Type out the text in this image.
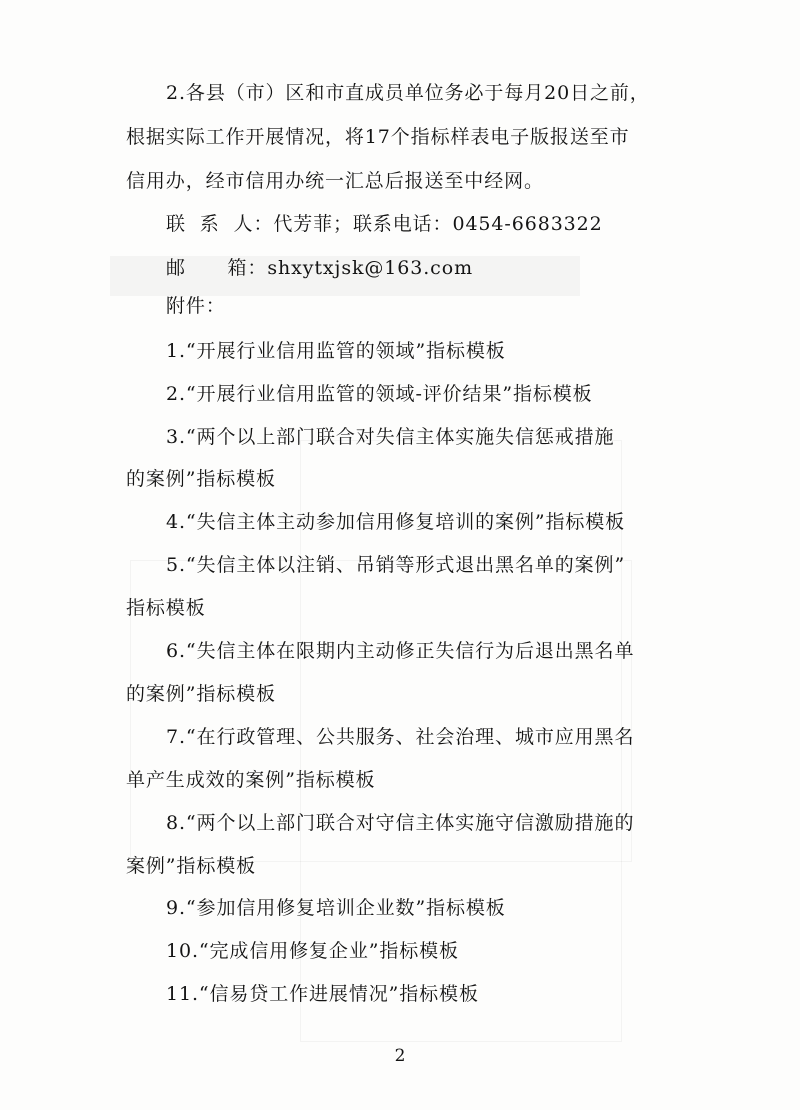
2.各县（市）区和市直成员单位务必于每月20日之前，
根据实际工作开展情况，将17个指标样表电子版报送至市
信用办，经市信用办统一汇总后报送至中经网。
联  系  人：代芳菲；联系电话：0454-6683322
邮      箱：shxytxjsk@163.com
附件：
1.“开展行业信用监管的领域”指标模板
2.“开展行业信用监管的领域-评价结果”指标模板
3.“两个以上部门联合对失信主体实施失信惩戒措施
的案例”指标模板
4.“失信主体主动参加信用修复培训的案例”指标模板
5.“失信主体以注销、吊销等形式退出黑名单的案例”
指标模板
6.“失信主体在限期内主动修正失信行为后退出黑名单
的案例”指标模板
7.“在行政管理、公共服务、社会治理、城市应用黑名
单产生成效的案例”指标模板
8.“两个以上部门联合对守信主体实施守信激励措施的
案例”指标模板
9.“参加信用修复培训企业数”指标模板
10.“完成信用修复企业”指标模板
11.“信易贷工作进展情况”指标模板
2
